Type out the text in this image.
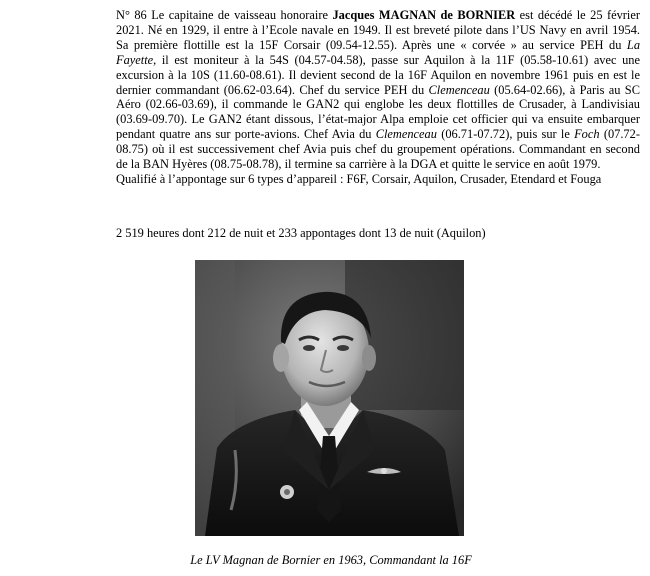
N° 86 Le capitaine de vaisseau honoraire Jacques MAGNAN de BORNIER est décédé le 25 février 2021. Né en 1929, il entre à l’Ecole navale en 1949. Il est breveté pilote dans l’US Navy en avril 1954. Sa première flottille est la 15F Corsair (09.54-12.55). Après une « corvée » au service PEH du La Fayette, il est moniteur à la 54S (04.57-04.58), passe sur Aquilon à la 11F (05.58-10.61) avec une excursion à la 10S (11.60-08.61). Il devient second de la 16F Aquilon en novembre 1961 puis en est le dernier commandant (06.62-03.64). Chef du service PEH du Clemenceau (05.64-02.66), à Paris au SC Aéro (02.66-03.69), il commande le GAN2 qui englobe les deux flottilles de Crusader, à Landivisiau (03.69-09.70). Le GAN2 étant dissous, l’état-major Alpa emploie cet officier qui va ensuite embarquer pendant quatre ans sur porte-avions. Chef Avia du Clemenceau (06.71-07.72), puis sur le Foch (07.72-08.75) où il est successivement chef Avia puis chef du groupement opérations. Commandant en second de la BAN Hyères (08.75-08.78), il termine sa carrière à la DGA et quitte le service en août 1979.

Qualifié à l’appontage sur 6 types d’appareil : F6F, Corsair, Aquilon, Crusader, Etendard et Fouga

2 519 heures dont 212 de nuit et 233 appontages dont 13 de nuit (Aquilon)

Le LV Magnan de Bornier en 1963, Commandant la 16F
